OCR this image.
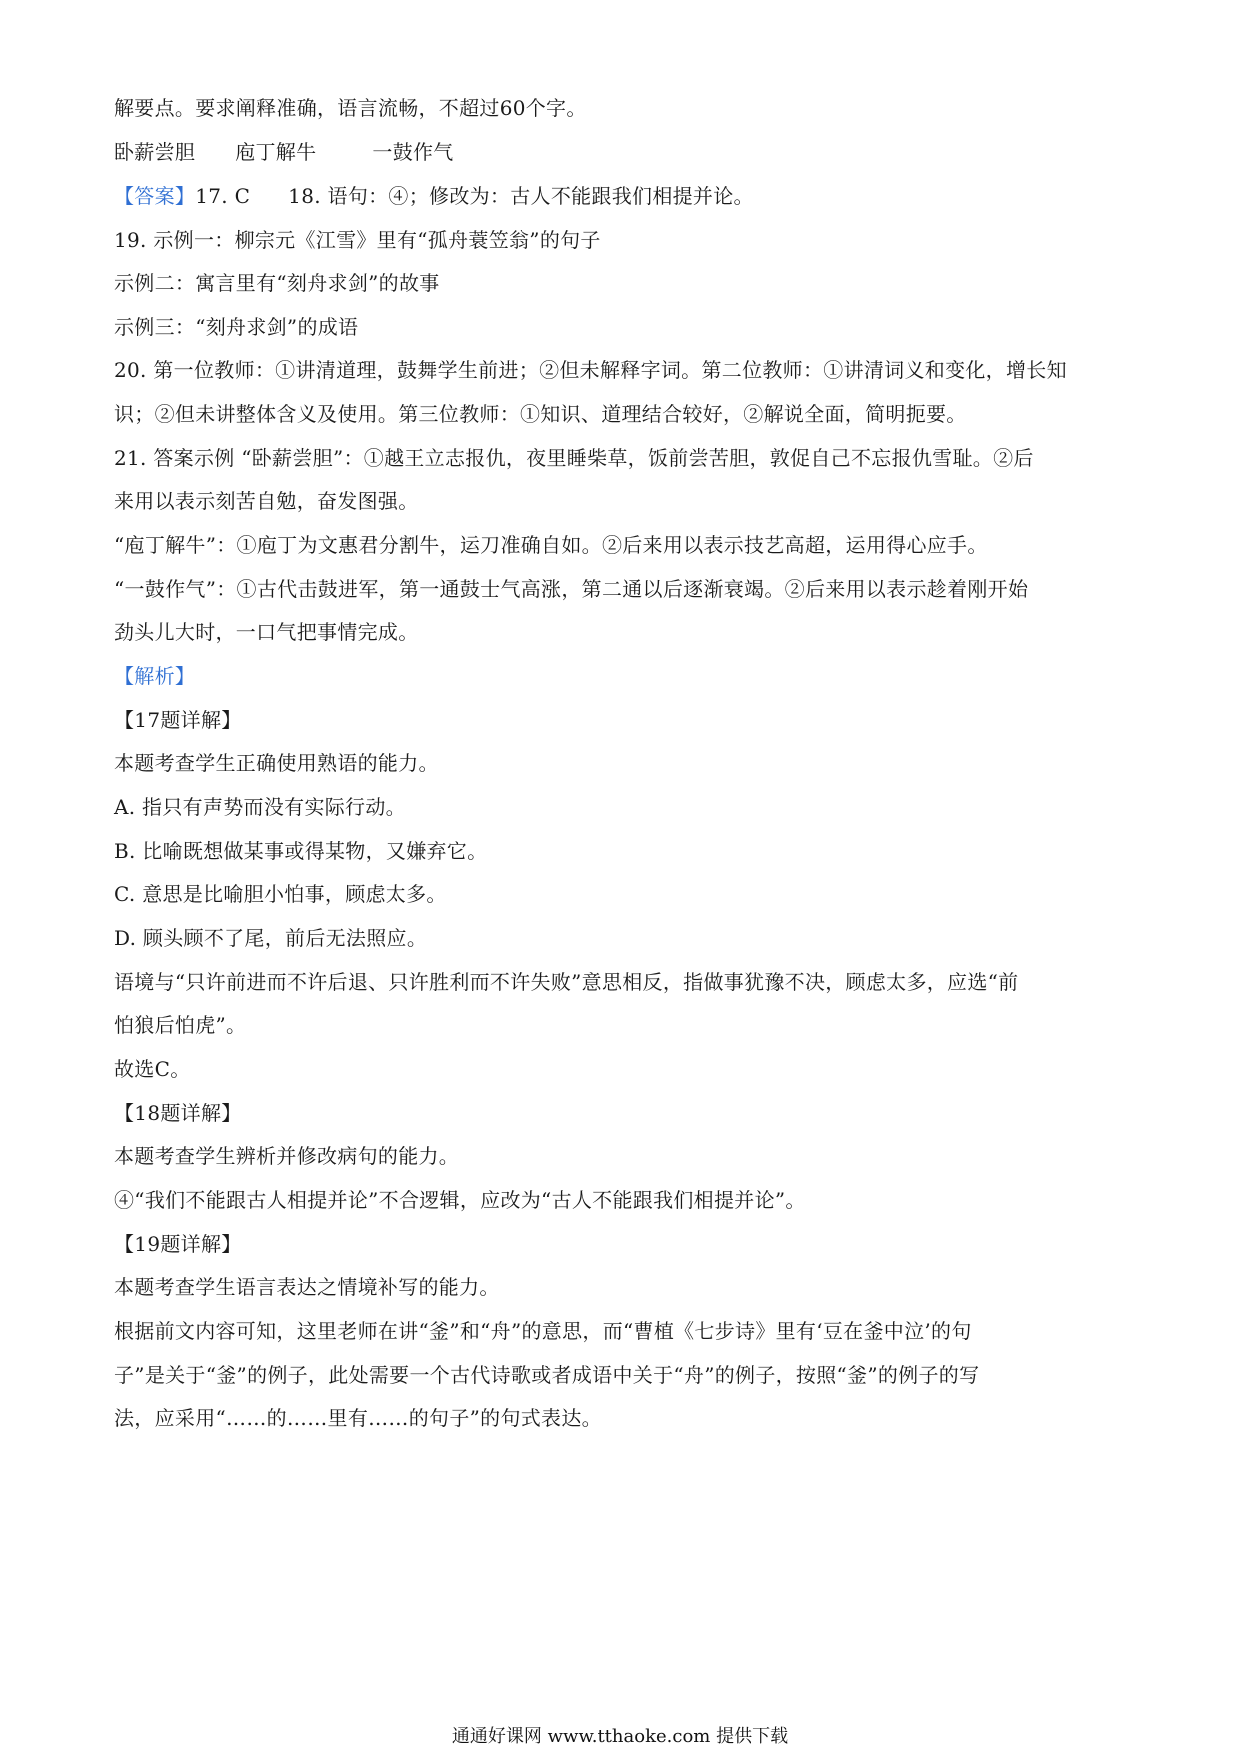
解要点。要求阐释准确，语言流畅，不超过60个字。
卧薪尝胆 庖丁解牛	一鼓作气
【答案】17. C 18. 语句：④；修改为：古人不能跟我们相提并论。
19. 示例一：柳宗元《江雪》里有“孤舟蓑笠翁”的句子
示例二：寓言里有“刻舟求剑”的故事
示例三：“刻舟求剑”的成语
20. 第一位教师：①讲清道理，鼓舞学生前进；②但未解释字词。第二位教师：①讲清词义和变化，增长知
识；②但未讲整体含义及使用。第三位教师：①知识、道理结合较好，②解说全面，简明扼要。
21. 答案示例 “卧薪尝胆”：①越王立志报仇，夜里睡柴草，饭前尝苦胆，敦促自己不忘报仇雪耻。②后
来用以表示刻苦自勉，奋发图强。
“庖丁解牛”：①庖丁为文惠君分割牛，运刀准确自如。②后来用以表示技艺高超，运用得心应手。
“一鼓作气”：①古代击鼓进军，第一通鼓士气高涨，第二通以后逐渐衰竭。②后来用以表示趁着刚开始
劲头儿大时，一口气把事情完成。
【解析】
【17题详解】
本题考查学生正确使用熟语的能力。
A. 指只有声势而没有实际行动。
B. 比喻既想做某事或得某物，又嫌弃它。
C. 意思是比喻胆小怕事，顾虑太多。
D. 顾头顾不了尾，前后无法照应。
语境与“只许前进而不许后退、只许胜利而不许失败”意思相反，指做事犹豫不决，顾虑太多，应选“前
怕狼后怕虎”。
故选C。
【18题详解】
本题考查学生辨析并修改病句的能力。
④“我们不能跟古人相提并论”不合逻辑，应改为“古人不能跟我们相提并论”。
【19题详解】
本题考查学生语言表达之情境补写的能力。
根据前文内容可知，这里老师在讲“釜”和“舟”的意思，而“曹植《七步诗》里有‘豆在釜中泣’的句
子”是关于“釜”的例子，此处需要一个古代诗歌或者成语中关于“舟”的例子，按照“釜”的例子的写
法，应采用“……的……里有……的句子”的句式表达。
通通好课网 www.tthaoke.com 提供下载
